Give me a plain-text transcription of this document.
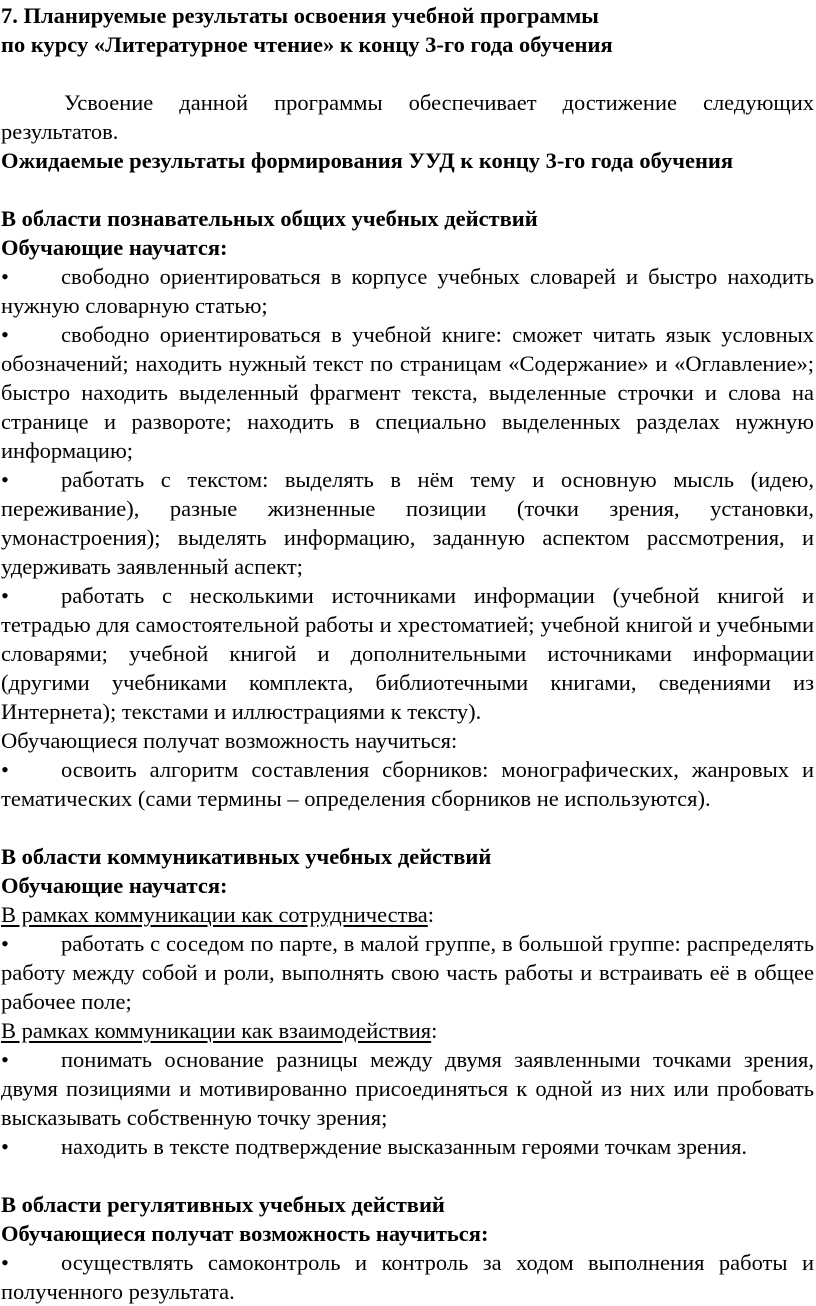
7. Планируемые результаты освоения учебной программы

по курсу «Литературное чтение» к концу 3-го года обучения

Усвоение данной программы обеспечивает достижение следующих результатов.

Ожидаемые результаты формирования УУД к концу 3-го года обучения

В области познавательных общих учебных действий

Обучающие научатся:

• свободно ориентироваться в корпусе учебных словарей и быстро находить нужную словарную статью;

• свободно ориентироваться в учебной книге: сможет читать язык условных обозначений; находить нужный текст по страницам «Содержание» и «Оглавление»; быстро находить выделенный фрагмент текста, выделенные строчки и слова на странице и развороте; находить в специально выделенных разделах нужную информацию;

• работать с текстом: выделять в нём тему и основную мысль (идею, переживание), разные жизненные позиции (точки зрения, установки, умонастроения); выделять информацию, заданную аспектом рассмотрения, и удерживать заявленный аспект;

• работать с несколькими источниками информации (учебной книгой и тетрадью для самостоятельной работы и хрестоматией; учебной книгой и учебными словарями; учебной книгой и дополнительными источниками информации (другими учебниками комплекта, библиотечными книгами, сведениями из Интернета); текстами и иллюстрациями к тексту).

Обучающиеся получат возможность научиться:

• освоить алгоритм составления сборников: монографических, жанровых и тематических (сами термины – определения сборников не используются).

В области коммуникативных учебных действий

Обучающие научатся:

В рамках коммуникации как сотрудничества:

• работать с соседом по парте, в малой группе, в большой группе: распределять работу между собой и роли, выполнять свою часть работы и встраивать её в общее рабочее поле;

В рамках коммуникации как взаимодействия:

• понимать основание разницы между двумя заявленными точками зрения, двумя позициями и мотивированно присоединяться к одной из них или пробовать высказывать собственную точку зрения;

• находить в тексте подтверждение высказанным героями точкам зрения.

В области регулятивных учебных действий

Обучающиеся получат возможность научиться:

• осуществлять самоконтроль и контроль за ходом выполнения работы и полученного результата.
